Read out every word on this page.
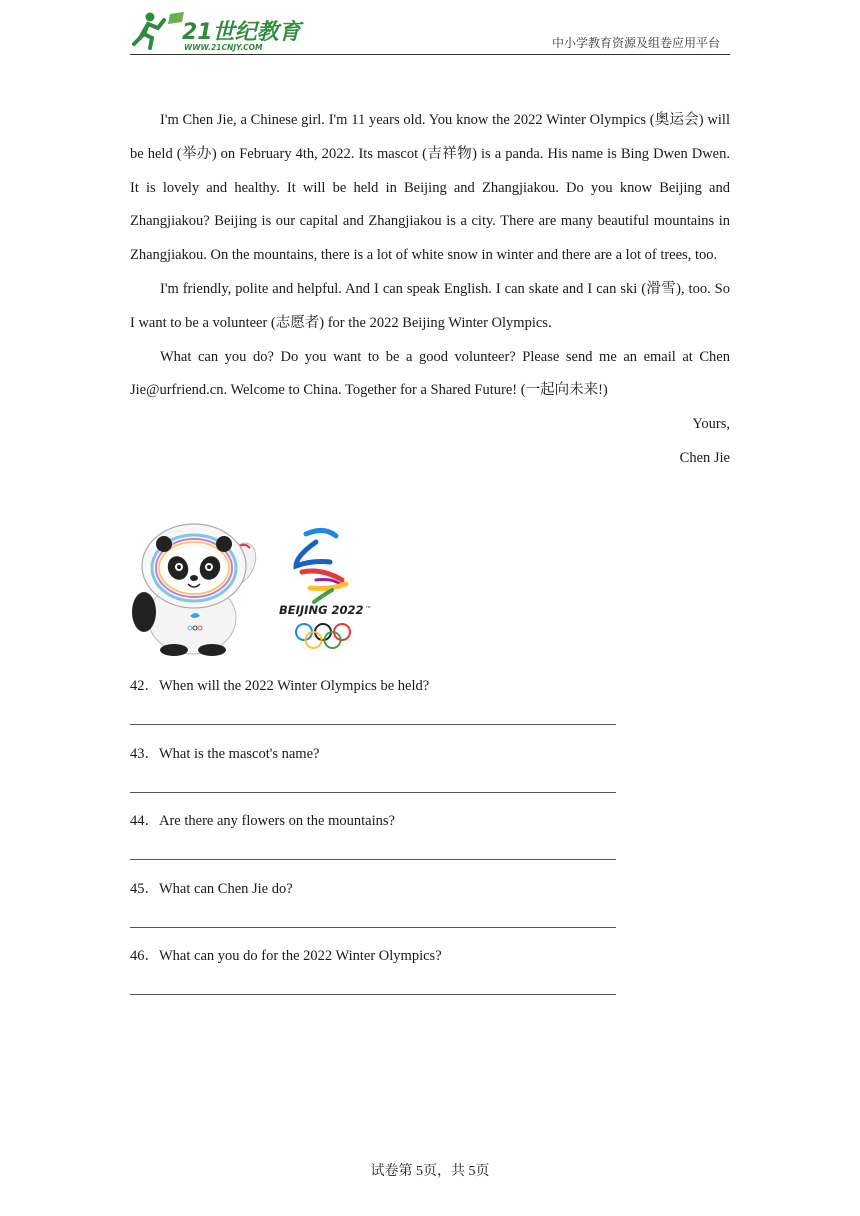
21世纪教育
WWW.21CNJY.COM	中小学教育资源及组卷应用平台

I'm Chen Jie, a Chinese girl. I'm 11 years old. You know the 2022 Winter Olympics (奥运会) will be held (举办) on February 4th, 2022. Its mascot (吉祥物) is a panda. His name is Bing Dwen Dwen. It is lovely and healthy. It will be held in Beijing and Zhangjiakou. Do you know Beijing and Zhangjiakou? Beijing is our capital and Zhangjiakou is a city. There are many beautiful mountains in Zhangjiakou. On the mountains, there is a lot of white snow in winter and there are a lot of trees, too.

I'm friendly, polite and helpful. And I can speak English. I can skate and I can ski (滑雪), too. So I want to be a volunteer (志愿者) for the 2022 Beijing Winter Olympics.

What can you do? Do you want to be a good volunteer? Please send me an email at Chen Jie@urfriend.cn. Welcome to China. Together for a Shared Future! (一起向未来!)

Yours,

Chen Jie

BEIJING 2022 TM
42．When will the 2022 Winter Olympics be held?
43．What is the mascot's name?
44．Are there any flowers on the mountains?
45．What can Chen Jie do?
46．What can you do for the 2022 Winter Olympics?
试卷第 5页，共 5页
